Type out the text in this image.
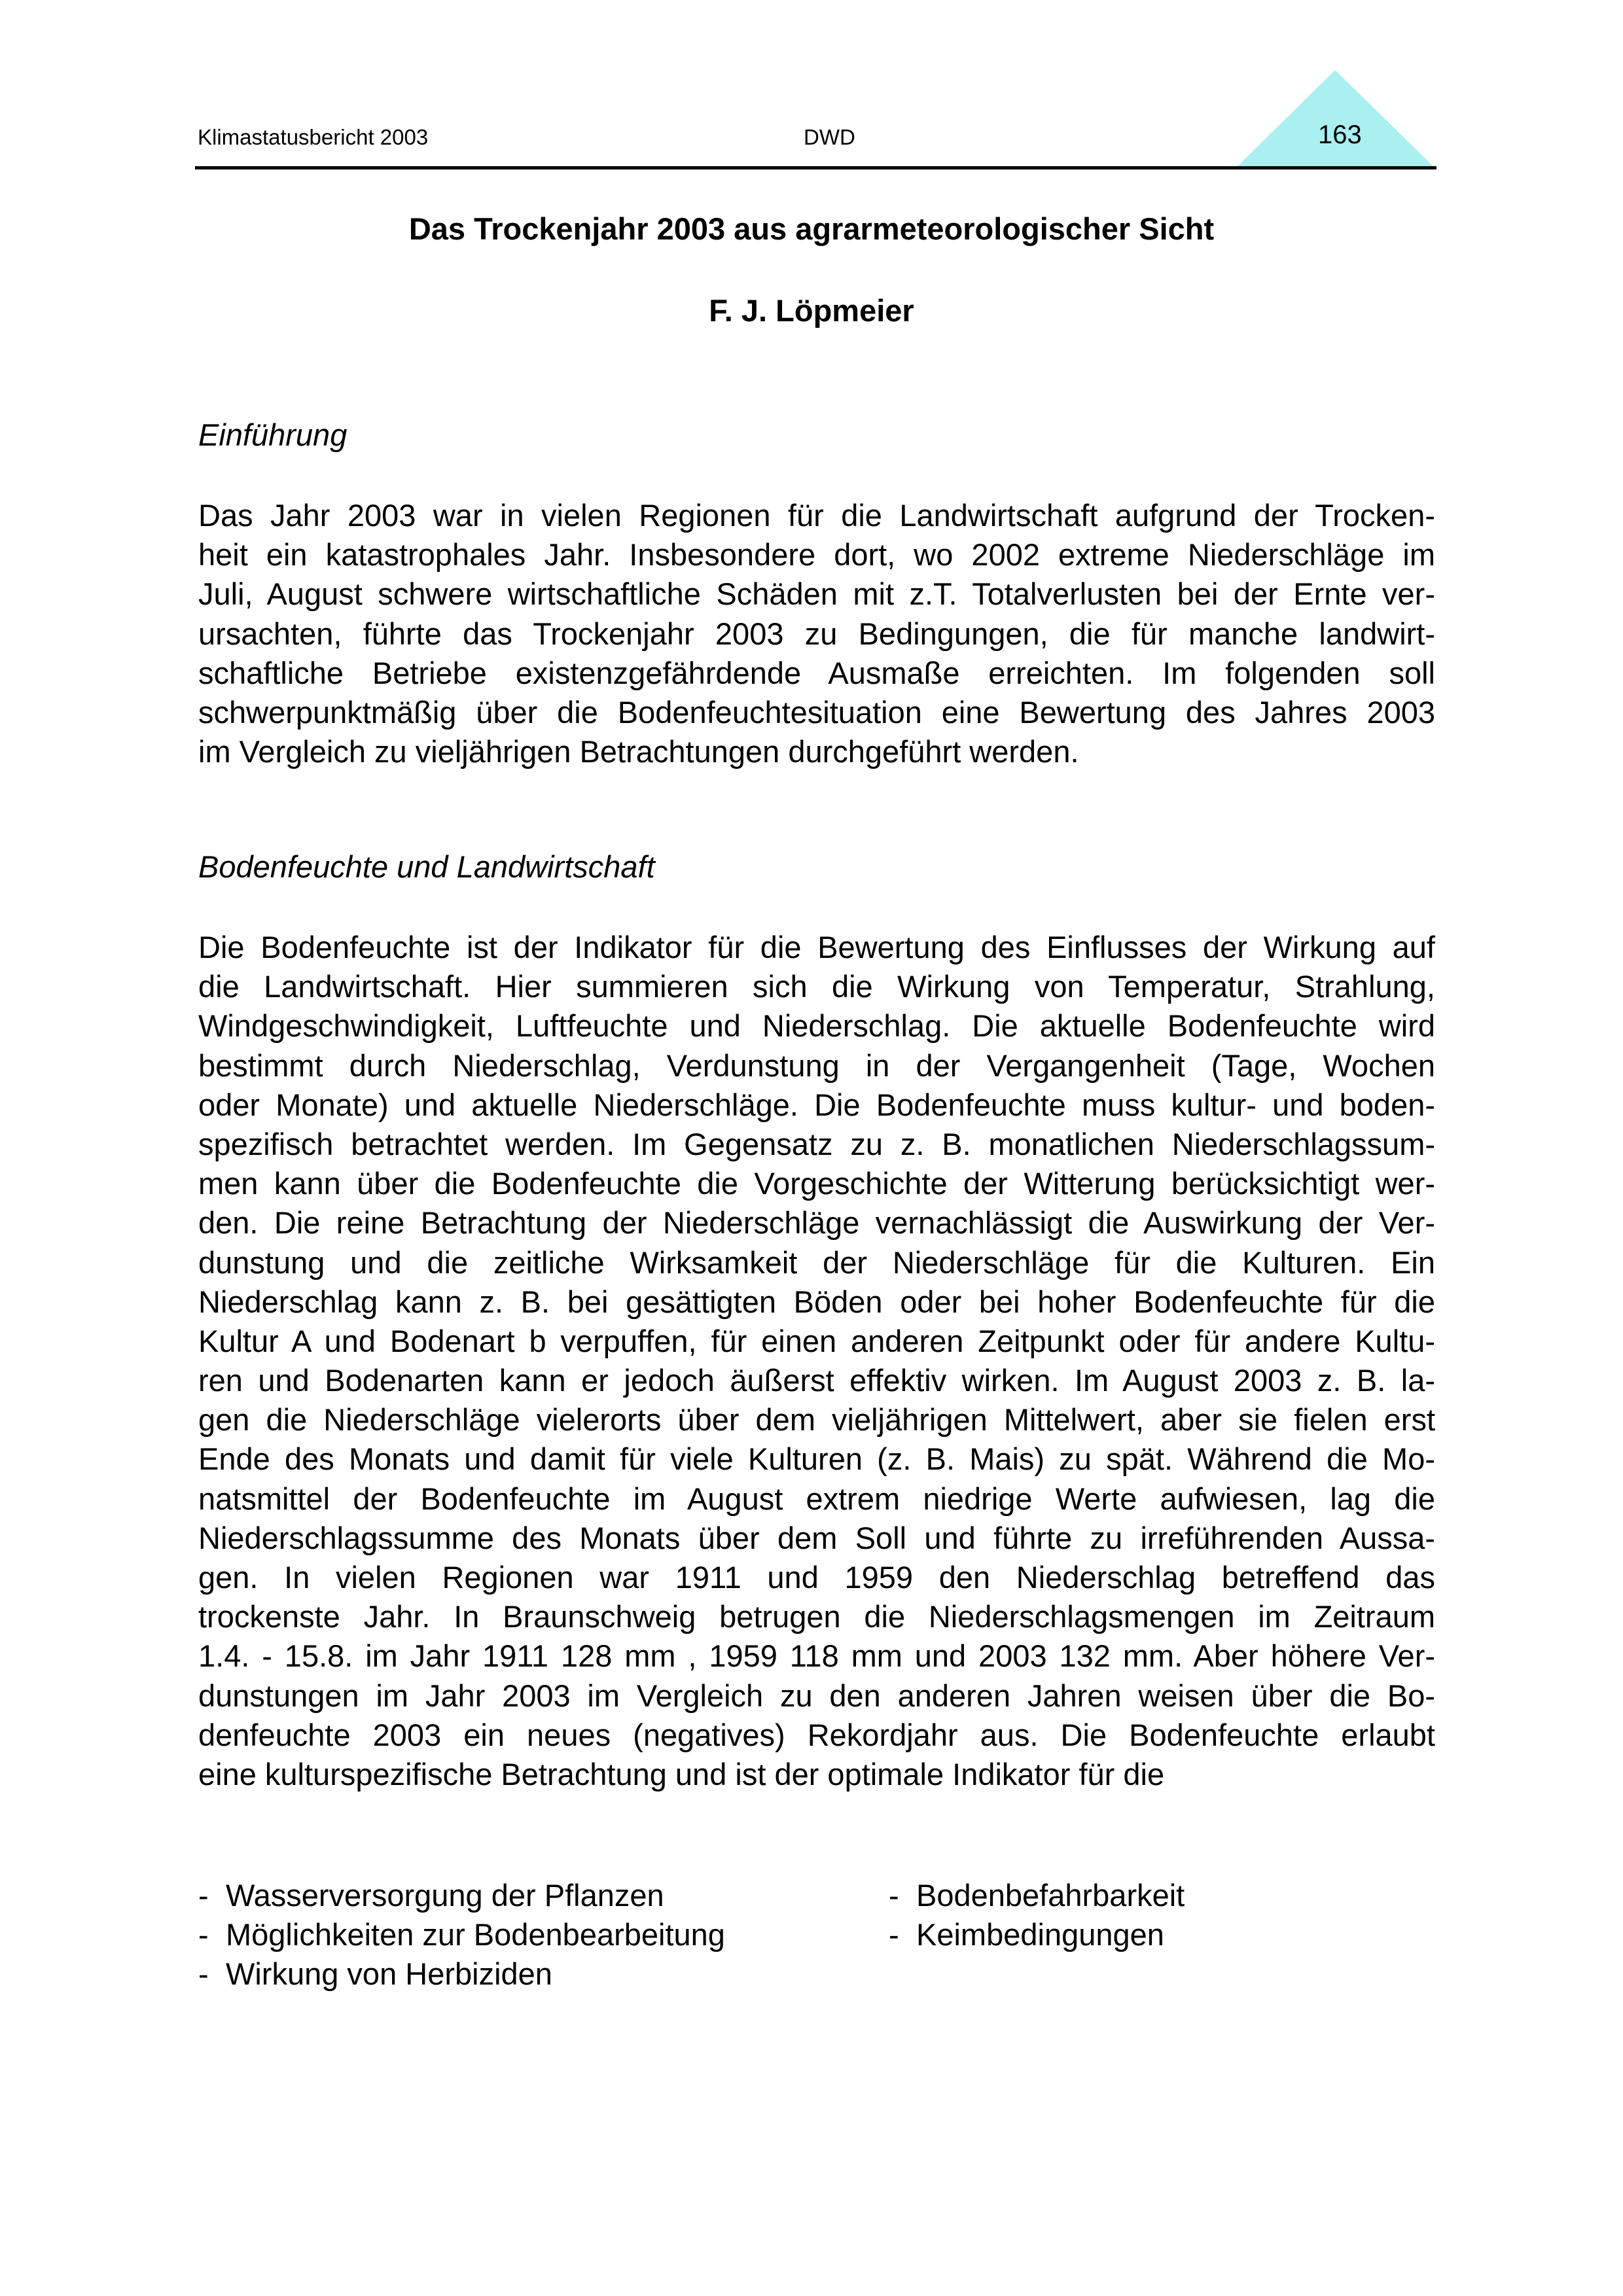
Klimastatusbericht 2003	DWD	163
Das Trockenjahr 2003 aus agrarmeteorologischer Sicht
F. J. Löpmeier
Einführung
Das Jahr 2003 war in vielen Regionen für die Landwirtschaft aufgrund der Trocken-
heit ein katastrophales Jahr. Insbesondere dort, wo 2002 extreme Niederschläge im
Juli, August schwere wirtschaftliche Schäden mit z.T. Totalverlusten bei der Ernte ver-
ursachten, führte das Trockenjahr 2003 zu Bedingungen, die für manche landwirt-
schaftliche Betriebe existenzgefährdende Ausmaße erreichten. Im folgenden soll
schwerpunktmäßig über die Bodenfeuchtesituation eine Bewertung des Jahres 2003
im Vergleich zu vieljährigen Betrachtungen durchgeführt werden.
Bodenfeuchte und Landwirtschaft
Die Bodenfeuchte ist der Indikator für die Bewertung des Einflusses der Wirkung auf
die Landwirtschaft. Hier summieren sich die Wirkung von Temperatur, Strahlung,
Windgeschwindigkeit, Luftfeuchte und Niederschlag. Die aktuelle Bodenfeuchte wird
bestimmt durch Niederschlag, Verdunstung in der Vergangenheit (Tage, Wochen
oder Monate) und aktuelle Niederschläge. Die Bodenfeuchte muss kultur- und boden-
spezifisch betrachtet werden. Im Gegensatz zu z. B. monatlichen Niederschlagssum-
men kann über die Bodenfeuchte die Vorgeschichte der Witterung berücksichtigt wer-
den. Die reine Betrachtung der Niederschläge vernachlässigt die Auswirkung der Ver-
dunstung und die zeitliche Wirksamkeit der Niederschläge für die Kulturen. Ein
Niederschlag kann z. B. bei gesättigten Böden oder bei hoher Bodenfeuchte für die
Kultur A und Bodenart b verpuffen, für einen anderen Zeitpunkt oder für andere Kultu-
ren und Bodenarten kann er jedoch äußerst effektiv wirken. Im August 2003 z. B. la-
gen die Niederschläge vielerorts über dem vieljährigen Mittelwert, aber sie fielen erst
Ende des Monats und damit für viele Kulturen (z. B. Mais) zu spät. Während die Mo-
natsmittel der Bodenfeuchte im August extrem niedrige Werte aufwiesen, lag die
Niederschlagssumme des Monats über dem Soll und führte zu irreführenden Aussa-
gen. In vielen Regionen war 1911 und 1959 den Niederschlag betreffend das
trockenste Jahr. In Braunschweig betrugen die Niederschlagsmengen im Zeitraum
1.4. - 15.8. im Jahr 1911 128 mm , 1959 118 mm und 2003 132 mm. Aber höhere Ver-
dunstungen im Jahr 2003 im Vergleich zu den anderen Jahren weisen über die Bo-
denfeuchte 2003 ein neues (negatives) Rekordjahr aus. Die Bodenfeuchte erlaubt
eine kulturspezifische Betrachtung und ist der optimale Indikator für die
- Wasserversorgung der Pflanzen
- Möglichkeiten zur Bodenbearbeitung
- Wirkung von Herbiziden
- Bodenbefahrbarkeit
- Keimbedingungen
